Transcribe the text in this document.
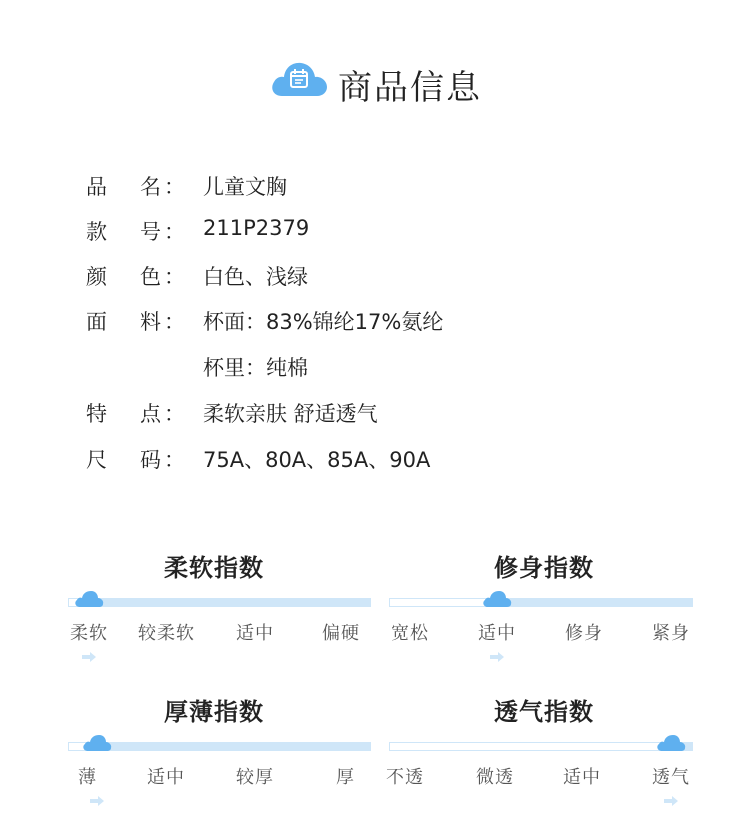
商品信息
品 名 ： 儿童文胸
款 号 ： 211P2379
颜 色 ： 白色、浅绿
面 料 ： 杯面：83%锦纶17%氨纶
杯里：纯棉
特 点 ： 柔软亲肤 舒适透气
尺 码 ： 75A、80A、85A、90A
柔软指数
柔软 较柔软 适中	偏硬
修身指数
宽松	适中	修身	紧身
厚薄指数
薄	适中	较厚	厚
透气指数
不透	微透	适中	透气
